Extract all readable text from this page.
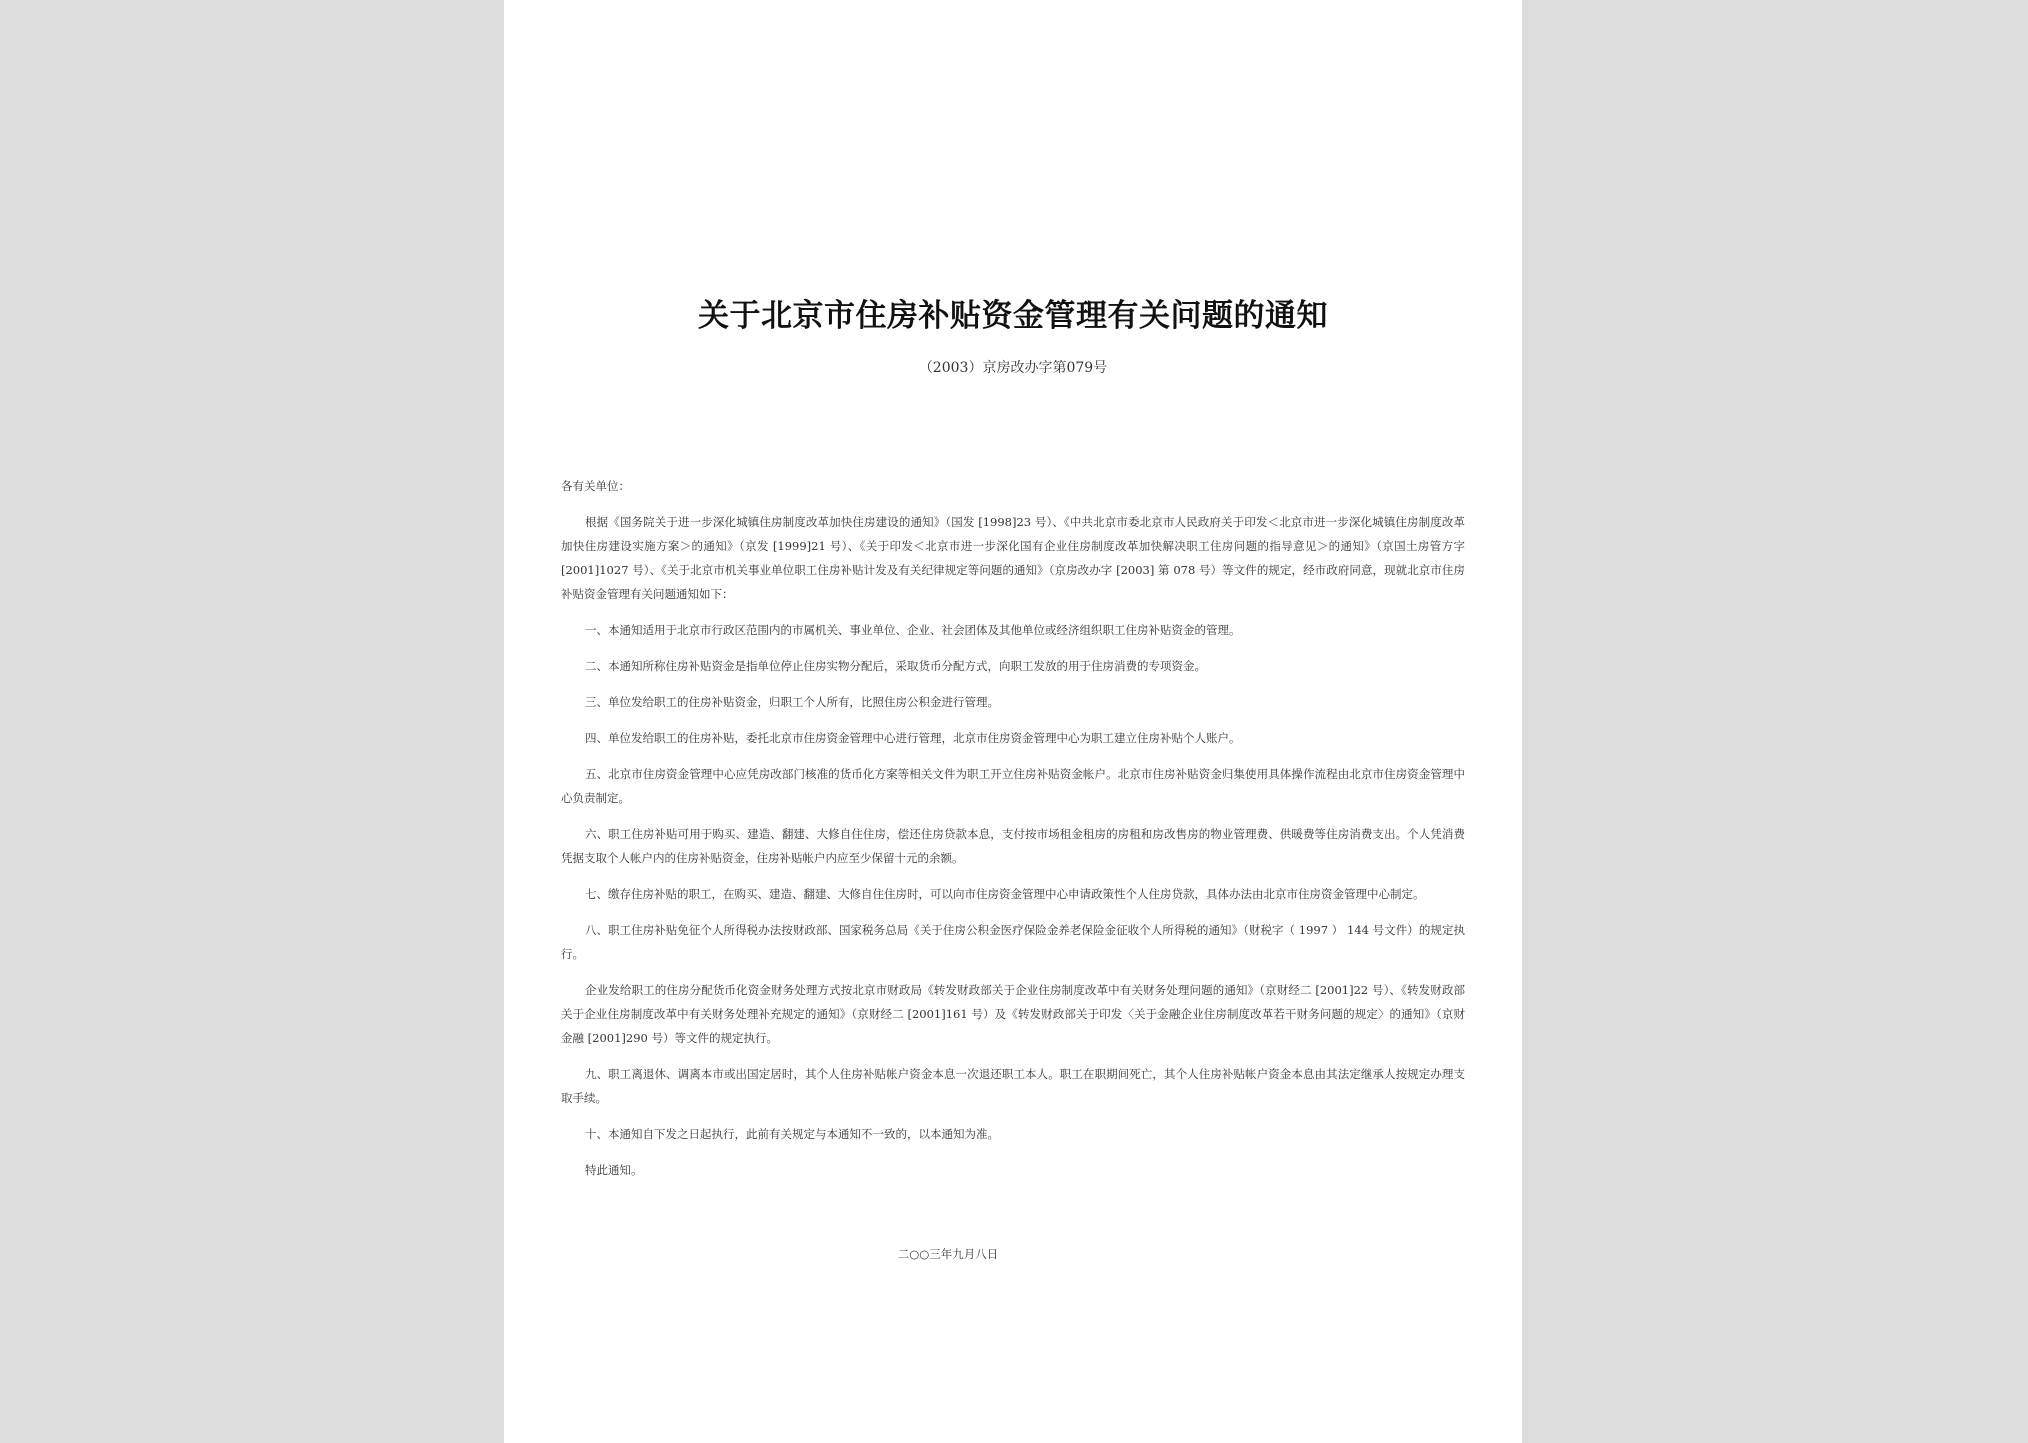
关于北京市住房补贴资金管理有关问题的通知
（2003）京房改办字第079号

各有关单位：

根据《国务院关于进一步深化城镇住房制度改革加快住房建设的通知》（国发 [1998]23 号）、《中共北京市委北京市人民政府关于印发＜北京市进一步深化城镇住房制度改革加快住房建设实施方案＞的通知》（京发 [1999]21 号）、《关于印发＜北京市进一步深化国有企业住房制度改革加快解决职工住房问题的指导意见＞的通知》（京国土房管方字 [2001]1027 号）、《关于北京市机关事业单位职工住房补贴计发及有关纪律规定等问题的通知》（京房改办字 [2003] 第 078 号）等文件的规定，经市政府同意，现就北京市住房补贴资金管理有关问题通知如下：

一、本通知适用于北京市行政区范围内的市属机关、事业单位、企业、社会团体及其他单位或经济组织职工住房补贴资金的管理。

二、本通知所称住房补贴资金是指单位停止住房实物分配后，采取货币分配方式，向职工发放的用于住房消费的专项资金。

三、单位发给职工的住房补贴资金，归职工个人所有，比照住房公积金进行管理。

四、单位发给职工的住房补贴，委托北京市住房资金管理中心进行管理，北京市住房资金管理中心为职工建立住房补贴个人账户。

五、北京市住房资金管理中心应凭房改部门核准的货币化方案等相关文件为职工开立住房补贴资金帐户。北京市住房补贴资金归集使用具体操作流程由北京市住房资金管理中心负责制定。

六、职工住房补贴可用于购买、建造、翻建、大修自住住房，偿还住房贷款本息，支付按市场租金租房的房租和房改售房的物业管理费、供暖费等住房消费支出。个人凭消费凭据支取个人帐户内的住房补贴资金，住房补贴帐户内应至少保留十元的余额。

七、缴存住房补贴的职工，在购买、建造、翻建、大修自住住房时，可以向市住房资金管理中心申请政策性个人住房贷款，具体办法由北京市住房资金管理中心制定。

八、职工住房补贴免征个人所得税办法按财政部、国家税务总局《关于住房公积金医疗保险金养老保险金征收个人所得税的通知》（财税字（ 1997 ） 144 号文件）的规定执行。

企业发给职工的住房分配货币化资金财务处理方式按北京市财政局《转发财政部关于企业住房制度改革中有关财务处理问题的通知》（京财经二 [2001]22 号）、《转发财政部关于企业住房制度改革中有关财务处理补充规定的通知》（京财经二 [2001]161 号）及《转发财政部关于印发〈关于金融企业住房制度改革若干财务问题的规定〉的通知》（京财金融 [2001]290 号）等文件的规定执行。

九、职工离退休、调离本市或出国定居时，其个人住房补贴帐户资金本息一次退还职工本人。职工在职期间死亡，其个人住房补贴帐户资金本息由其法定继承人按规定办理支取手续。

十、本通知自下发之日起执行，此前有关规定与本通知不一致的，以本通知为准。

特此通知。

二○○三年九月八日
